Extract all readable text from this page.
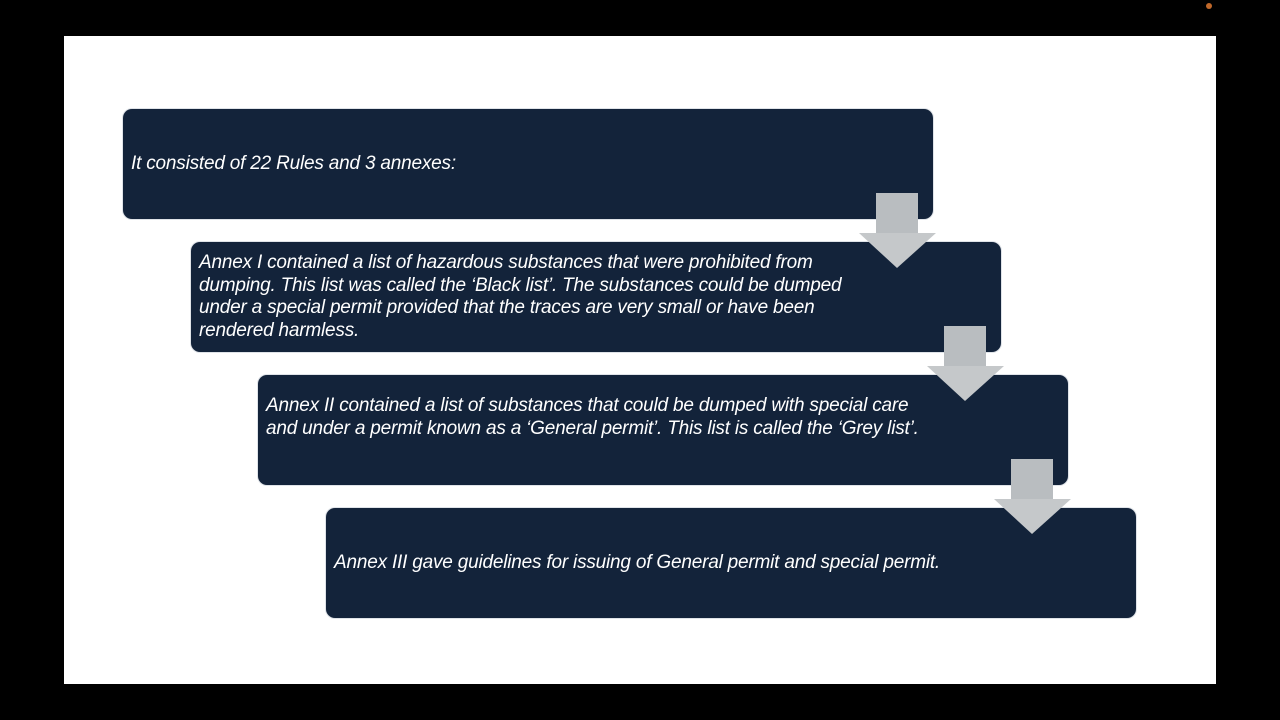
It consisted of 22 Rules and 3 annexes:
Annex I contained a list of hazardous substances that were prohibited from dumping. This list was called the ‘Black list’. The substances could be dumped under a special permit provided that the traces are very small or have been rendered harmless.
Annex II contained a list of substances that could be dumped with special care and under a permit known as a ‘General permit’. This list is called the ‘Grey list’.
Annex III gave guidelines for issuing of General permit and special permit.
